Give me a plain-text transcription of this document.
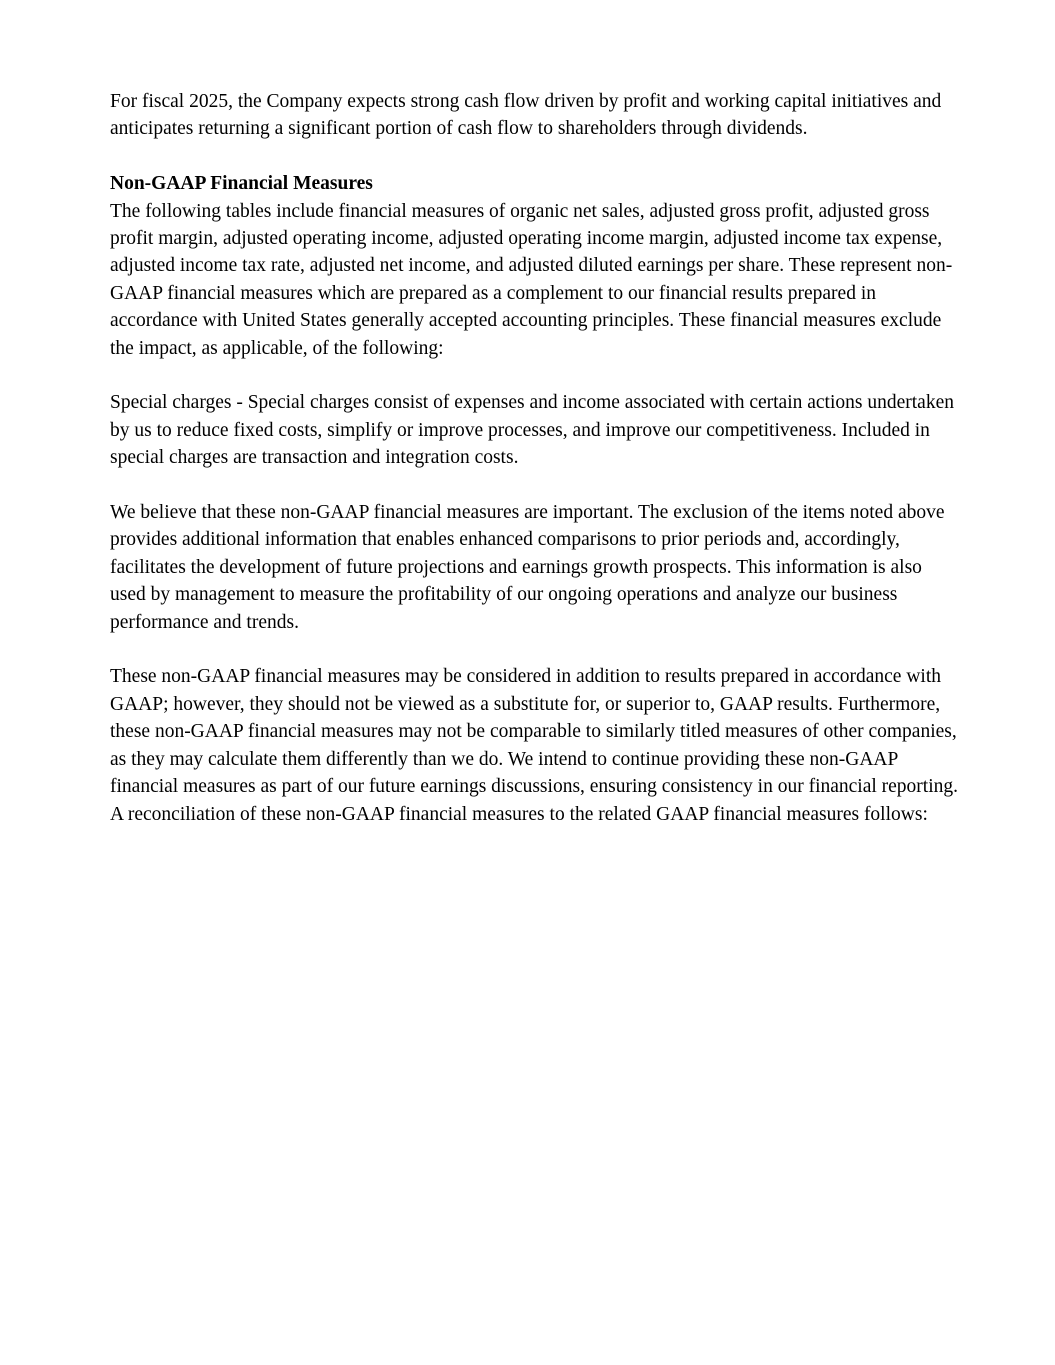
For fiscal 2025, the Company expects strong cash flow driven by profit and working capital initiatives and anticipates returning a significant portion of cash flow to shareholders through dividends.

Non-GAAP Financial Measures

The following tables include financial measures of organic net sales, adjusted gross profit, adjusted gross profit margin, adjusted operating income, adjusted operating income margin, adjusted income tax expense, adjusted income tax rate, adjusted net income, and adjusted diluted earnings per share. These represent non-GAAP financial measures which are prepared as a complement to our financial results prepared in accordance with United States generally accepted accounting principles. These financial measures exclude the impact, as applicable, of the following:

Special charges - Special charges consist of expenses and income associated with certain actions undertaken by us to reduce fixed costs, simplify or improve processes, and improve our competitiveness. Included in special charges are transaction and integration costs.

We believe that these non-GAAP financial measures are important. The exclusion of the items noted above provides additional information that enables enhanced comparisons to prior periods and, accordingly, facilitates the development of future projections and earnings growth prospects. This information is also used by management to measure the profitability of our ongoing operations and analyze our business performance and trends.

These non-GAAP financial measures may be considered in addition to results prepared in accordance with GAAP; however, they should not be viewed as a substitute for, or superior to, GAAP results. Furthermore, these non-GAAP financial measures may not be comparable to similarly titled measures of other companies, as they may calculate them differently than we do. We intend to continue providing these non-GAAP financial measures as part of our future earnings discussions, ensuring consistency in our financial reporting. A reconciliation of these non-GAAP financial measures to the related GAAP financial measures follows:
